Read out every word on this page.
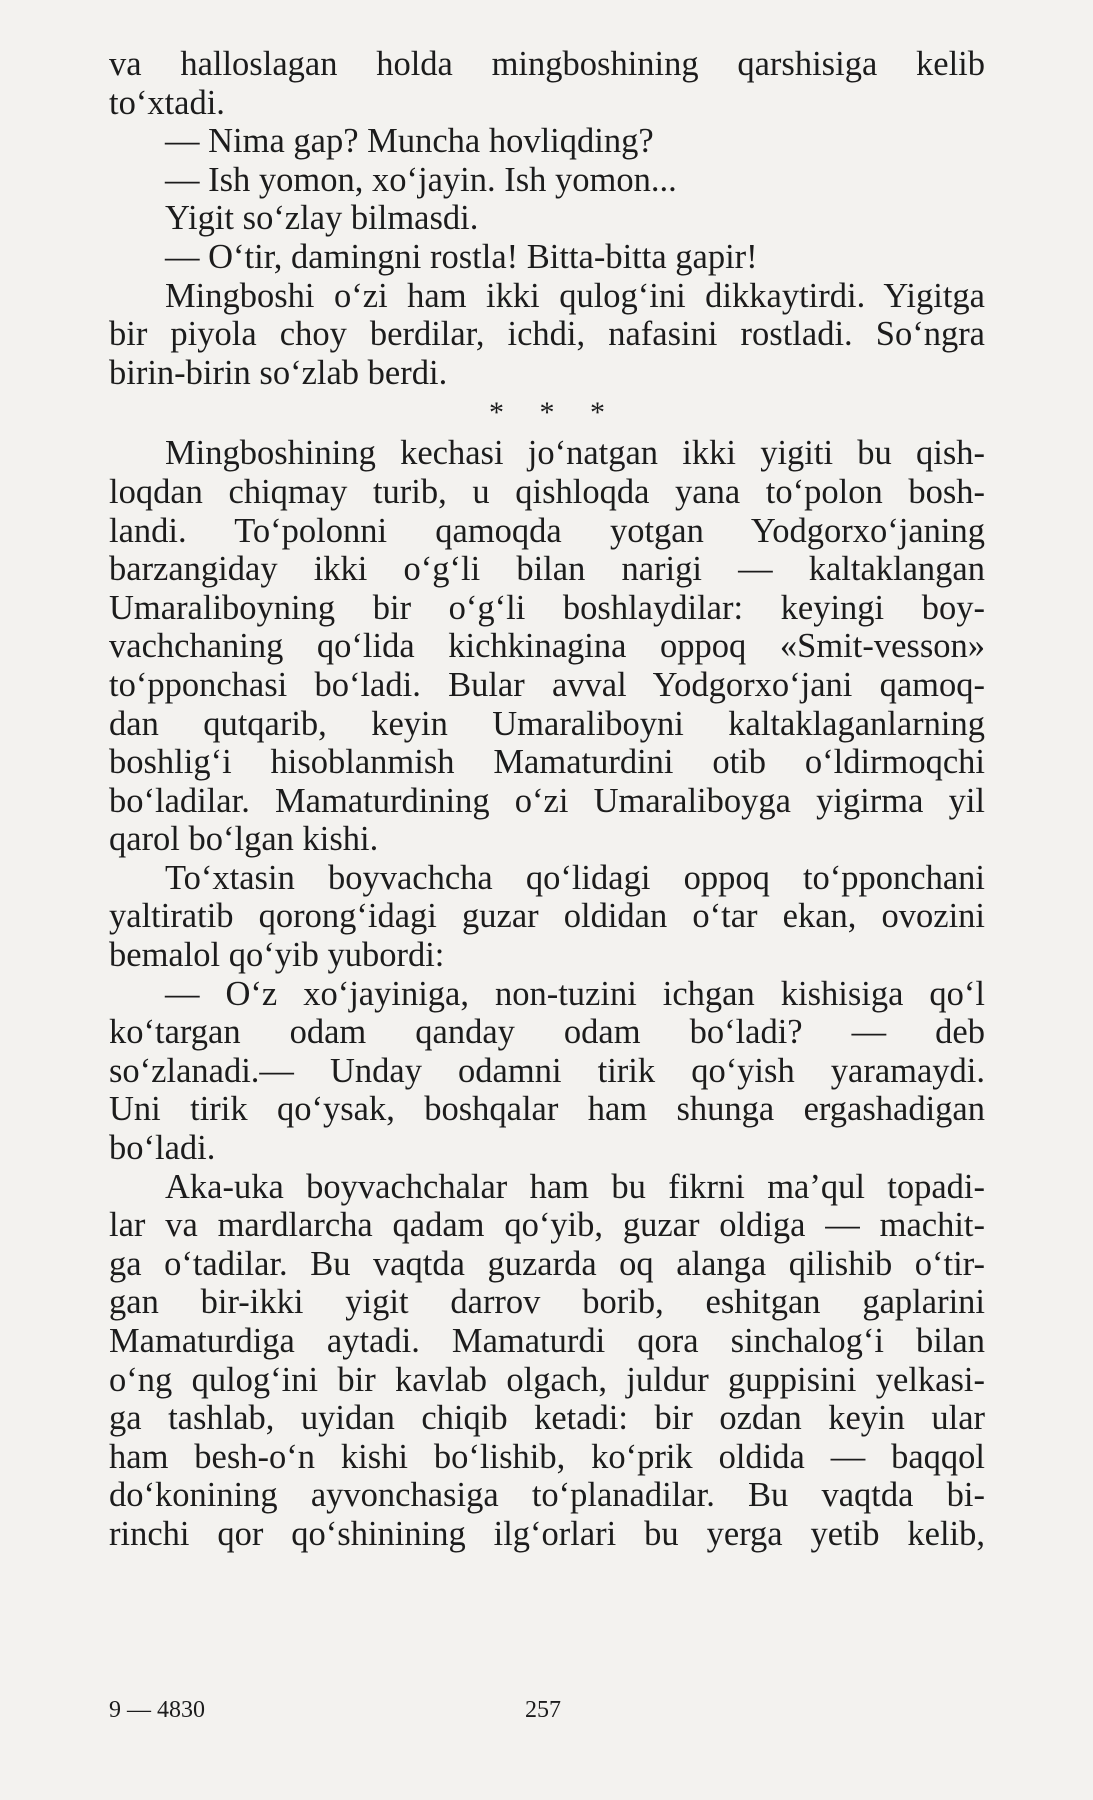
va halloslagan holda mingboshining qarshisiga kelib
to‘xtadi.
— Nima gap? Muncha hovliqding?
— Ish yomon, xo‘jayin. Ish yomon...
Yigit so‘zlay bilmasdi.
— O‘tir, damingni rostla! Bitta-bitta gapir!
Mingboshi o‘zi ham ikki qulog‘ini dikkaytirdi. Yigitga
bir piyola choy berdilar, ichdi, nafasini rostladi. So‘ngra
birin-birin so‘zlab berdi.
* * *
Mingboshining kechasi jo‘natgan ikki yigiti bu qish-
loqdan chiqmay turib, u qishloqda yana to‘polon bosh-
landi. To‘polonni qamoqda yotgan Yodgorxo‘janing
barzangiday ikki o‘g‘li bilan narigi — kaltaklangan
Umaraliboyning bir o‘g‘li boshlaydilar: keyingi boy-
vachchaning qo‘lida kichkinagina oppoq «Smit-vesson»
to‘pponchasi bo‘ladi. Bular avval Yodgorxo‘jani qamoq-
dan qutqarib, keyin Umaraliboyni kaltaklaganlarning
boshlig‘i hisoblanmish Mamaturdini otib o‘ldirmoqchi
bo‘ladilar. Mamaturdining o‘zi Umaraliboyga yigirma yil
qarol bo‘lgan kishi.
To‘xtasin boyvachcha qo‘lidagi oppoq to‘pponchani
yaltiratib qorong‘idagi guzar oldidan o‘tar ekan, ovozini
bemalol qo‘yib yubordi:
— O‘z xo‘jayiniga, non-tuzini ichgan kishisiga qo‘l
ko‘targan odam qanday odam bo‘ladi? — deb
so‘zlanadi.— Unday odamni tirik qo‘yish yaramaydi.
Uni tirik qo‘ysak, boshqalar ham shunga ergashadigan
bo‘ladi.
Aka-uka boyvachchalar ham bu fikrni ma’qul topadi-
lar va mardlarcha qadam qo‘yib, guzar oldiga — machit-
ga o‘tadilar. Bu vaqtda guzarda oq alanga qilishib o‘tir-
gan bir-ikki yigit darrov borib, eshitgan gaplarini
Mamaturdiga aytadi. Mamaturdi qora sinchalog‘i bilan
o‘ng qulog‘ini bir kavlab olgach, juldur guppisini yelkasi-
ga tashlab, uyidan chiqib ketadi: bir ozdan keyin ular
ham besh-o‘n kishi bo‘lishib, ko‘prik oldida — baqqol
do‘konining ayvonchasiga to‘planadilar. Bu vaqtda bi-
rinchi qor qo‘shinining ilg‘orlari bu yerga yetib kelib,
9 — 4830	257
